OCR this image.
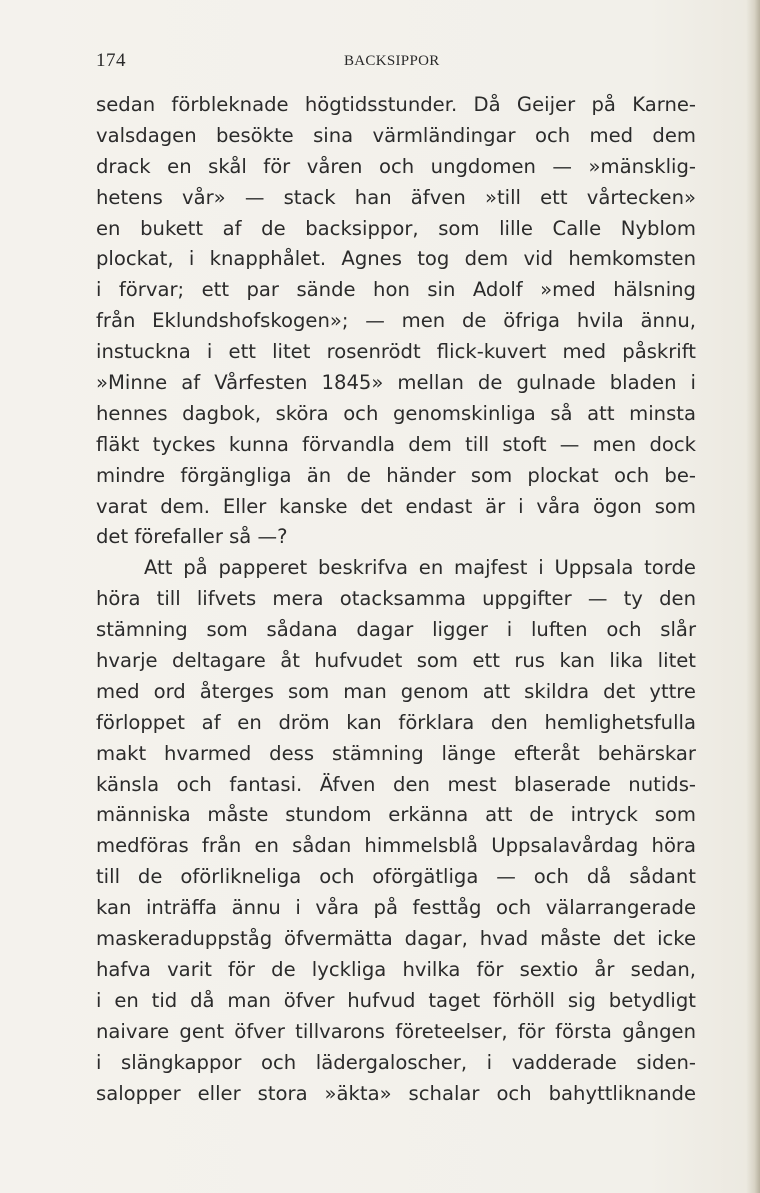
174	BACKSIPPOR
sedan förbleknade högtidsstunder. Då Geijer på Karne-
valsdagen besökte sina värmländingar och med dem
drack en skål för våren och ungdomen — »mänsklig-
hetens vår» — stack han äfven »till ett vårtecken»
en bukett af de backsippor, som lille Calle Nyblom
plockat, i knapphålet. Agnes tog dem vid hemkomsten
i förvar; ett par sände hon sin Adolf »med hälsning
från Eklundshofskogen»; — men de öfriga hvila ännu,
instuckna i ett litet rosenrödt flick-kuvert med påskrift
»Minne af Vårfesten 1845» mellan de gulnade bladen i
hennes dagbok, sköra och genomskinliga så att minsta
fläkt tyckes kunna förvandla dem till stoft — men dock
mindre förgängliga än de händer som plockat och be-
varat dem. Eller kanske det endast är i våra ögon som
det förefaller så —?
Att på papperet beskrifva en majfest i Uppsala torde
höra till lifvets mera otacksamma uppgifter — ty den
stämning som sådana dagar ligger i luften och slår
hvarje deltagare åt hufvudet som ett rus kan lika litet
med ord återges som man genom att skildra det yttre
förloppet af en dröm kan förklara den hemlighetsfulla
makt hvarmed dess stämning länge efteråt behärskar
känsla och fantasi. Äfven den mest blaserade nutids-
människa måste stundom erkänna att de intryck som
medföras från en sådan himmelsblå Uppsalavårdag höra
till de oförlikneliga och oförgätliga — och då sådant
kan inträffa ännu i våra på festtåg och välarrangerade
maskeraduppståg öfvermätta dagar, hvad måste det icke
hafva varit för de lyckliga hvilka för sextio år sedan,
i en tid då man öfver hufvud taget förhöll sig betydligt
naivare gent öfver tillvarons företeelser, för första gången
i slängkappor och lädergaloscher, i vadderade siden-
salopper eller stora »äkta» schalar och bahyttliknande
